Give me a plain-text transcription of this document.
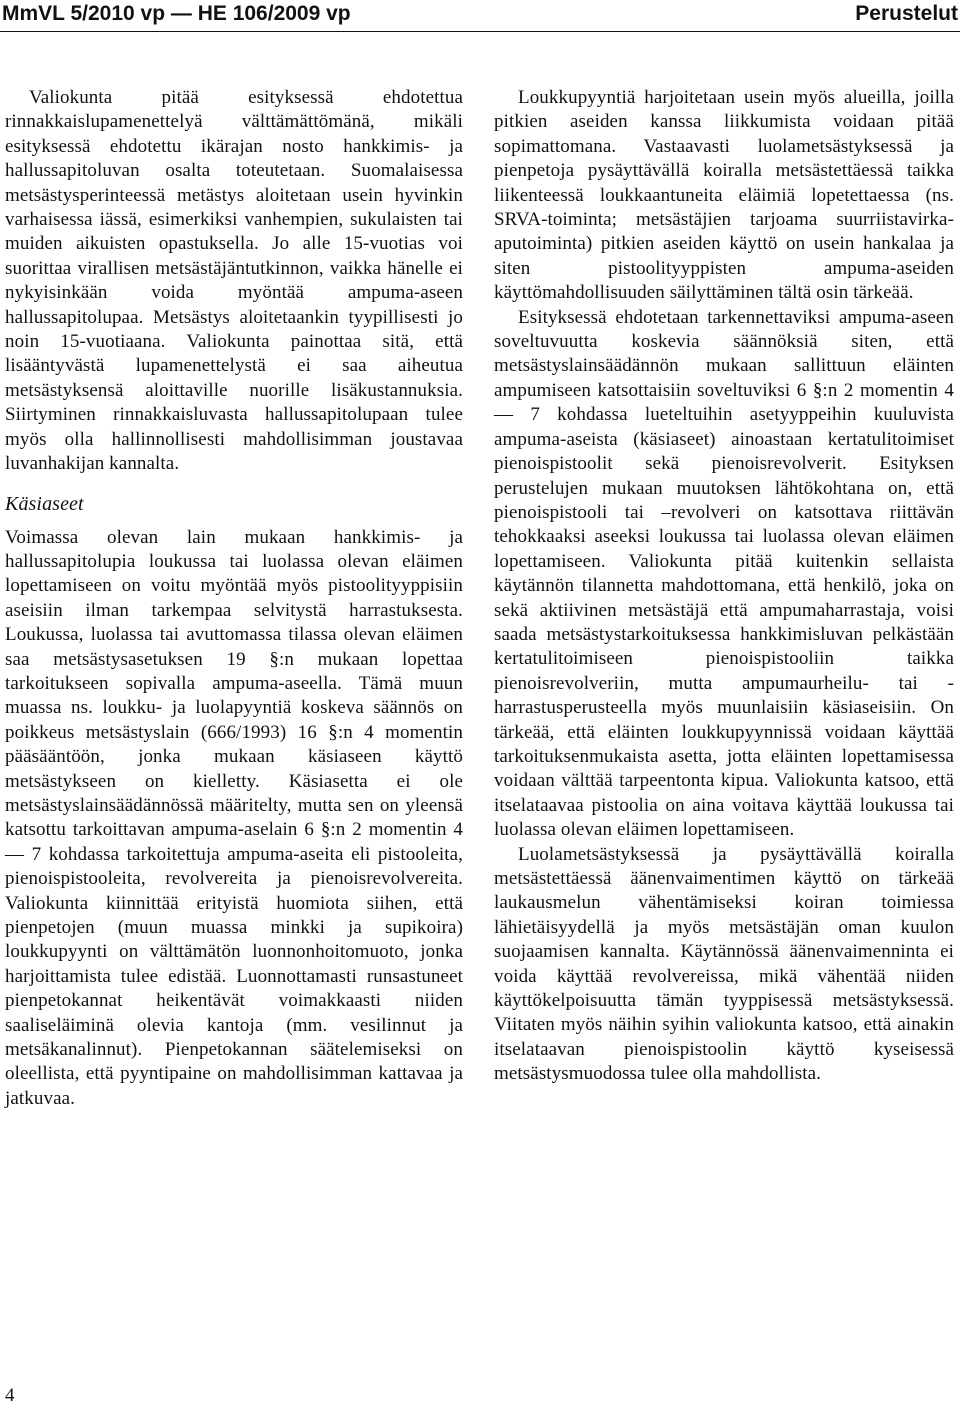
MmVL 5/2010 vp — HE 106/2009 vp	Perustelut

Valiokunta pitää esityksessä ehdotettua rinnakkaislupamenettelyä välttämättömänä, mikäli esityksessä ehdotettu ikärajan nosto hankkimis- ja hallussapitoluvan osalta toteutetaan. Suomalaisessa metsästysperinteessä metästys aloitetaan usein hyvinkin varhaisessa iässä, esimerkiksi vanhempien, sukulaisten tai muiden aikuisten opastuksella. Jo alle 15-vuotias voi suorittaa virallisen metsästäjäntutkinnon, vaikka hänelle ei nykyisinkään voida myöntää ampuma-aseen hallussapitolupaa. Metsästys aloitetaankin tyypillisesti jo noin 15-vuotiaana. Valiokunta painottaa sitä, että lisääntyvästä lupamenettelystä ei saa aiheutua metsästyksensä aloittaville nuorille lisäkustannuksia. Siirtyminen rinnakkaisluvasta hallussapitolupaan tulee myös olla hallinnollisesti mahdollisimman joustavaa luvanhakijan kannalta.

Käsiaseet

Voimassa olevan lain mukaan hankkimis- ja hallussapitolupia loukussa tai luolassa olevan eläimen lopettamiseen on voitu myöntää myös pistoolityyppisiin aseisiin ilman tarkempaa selvitystä harrastuksesta. Loukussa, luolassa tai avuttomassa tilassa olevan eläimen saa metsästysasetuksen 19 §:n mukaan lopettaa tarkoitukseen sopivalla ampuma-aseella. Tämä muun muassa ns. loukku- ja luolapyyntiä koskeva säännös on poikkeus metsästyslain (666/1993) 16 §:n 4 momentin pääsääntöön, jonka mukaan käsiaseen käyttö metsästykseen on kielletty. Käsiasetta ei ole metsästyslainsäädännössä määritelty, mutta sen on yleensä katsottu tarkoittavan ampuma-aselain 6 §:n 2 momentin 4 — 7 kohdassa tarkoitettuja ampuma-aseita eli pistooleita, pienoispistooleita, revolvereita ja pienoisrevolvereita. Valiokunta kiinnittää erityistä huomiota siihen, että pienpetojen (muun muassa minkki ja supikoira) loukkupyynti on välttämätön luonnonhoitomuoto, jonka harjoittamista tulee edistää. Luonnottamasti runsastuneet pienpetokannat heikentävät voimakkaasti niiden saaliseläiminä olevia kantoja (mm. vesilinnut ja metsäkanalinnut). Pienpetokannan säätelemiseksi on oleellista, että pyyntipaine on mahdollisimman kattavaa ja jatkuvaa.

Loukkupyyntiä harjoitetaan usein myös alueilla, joilla pitkien aseiden kanssa liikkumista voidaan pitää sopimattomana. Vastaavasti luolametsästyksessä ja pienpetoja pysäyttävällä koiralla metsästettäessä taikka liikenteessä loukkaantuneita eläimiä lopetettaessa (ns. SRVA-toiminta; metsästäjien tarjoama suurriistavirka-aputoiminta) pitkien aseiden käyttö on usein hankalaa ja siten pistoolityyppisten ampuma-aseiden käyttömahdollisuuden säilyttäminen tältä osin tärkeää.

Esityksessä ehdotetaan tarkennettaviksi ampuma-aseen soveltuvuutta koskevia säännöksiä siten, että metsästyslainsäädännön mukaan sallittuun eläinten ampumiseen katsottaisiin soveltuviksi 6 §:n 2 momentin 4 — 7 kohdassa lueteltuihin asetyyppeihin kuuluvista ampuma-aseista (käsiaseet) ainoastaan kertatulitoimiset pienoispistoolit sekä pienoisrevolverit. Esityksen perustelujen mukaan muutoksen lähtökohtana on, että pienoispistooli tai –revolveri on katsottava riittävän tehokkaaksi aseeksi loukussa tai luolassa olevan eläimen lopettamiseen. Valiokunta pitää kuitenkin sellaista käytännön tilannetta mahdottomana, että henkilö, joka on sekä aktiivinen metsästäjä että ampumaharrastaja, voisi saada metsästystarkoituksessa hankkimisluvan pelkästään kertatulitoimiseen pienoispistooliin taikka pienoisrevolveriin, mutta ampumaurheilu- tai -harrastusperusteella myös muunlaisiin käsiaseisiin. On tärkeää, että eläinten loukkupyynnissä voidaan käyttää tarkoituksenmukaista asetta, jotta eläinten lopettamisessa voidaan välttää tarpeentonta kipua. Valiokunta katsoo, että itselataavaa pistoolia on aina voitava käyttää loukussa tai luolassa olevan eläimen lopettamiseen.

Luolametsästyksessä ja pysäyttävällä koiralla metsästettäessä äänenvaimentimen käyttö on tärkeää laukausmelun vähentämiseksi koiran toimiessa lähietäisyydellä ja myös metsästäjän oman kuulon suojaamisen kannalta. Käytännössä äänenvaimenninta ei voida käyttää revolvereissa, mikä vähentää niiden käyttökelpoisuutta tämän tyyppisessä metsästyksessä. Viitaten myös näihin syihin valiokunta katsoo, että ainakin itselataavan pienoispistoolin käyttö kyseisessä metsästysmuodossa tulee olla mahdollista.

4
